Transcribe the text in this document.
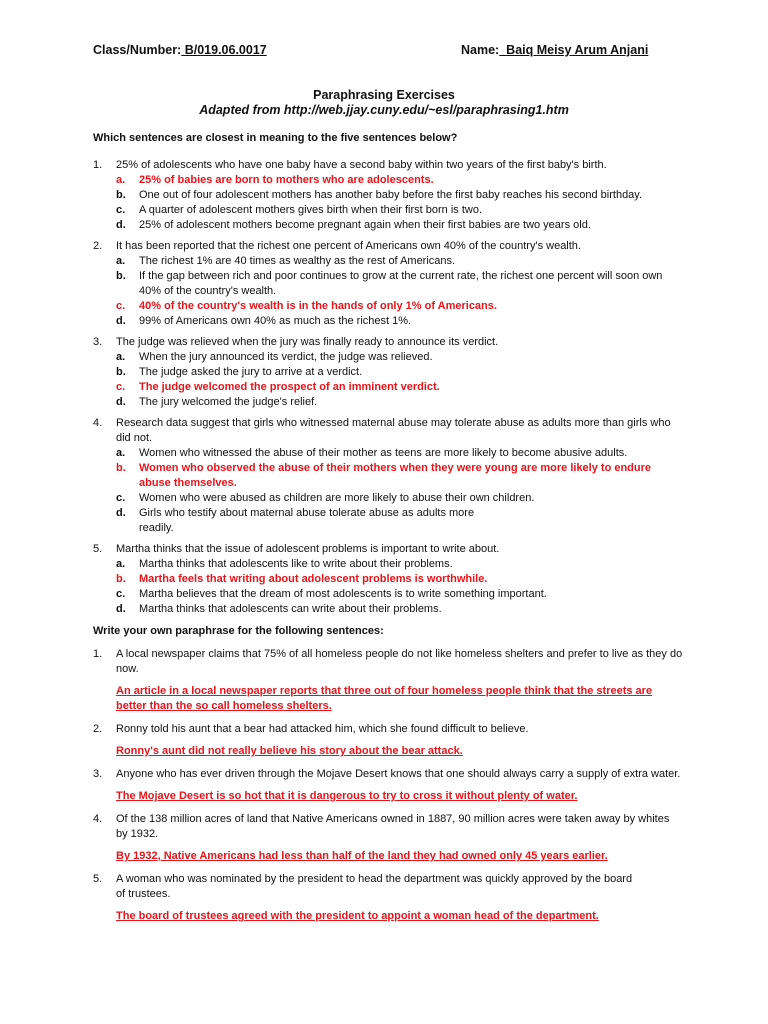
Class/Number: B/019.06.0017	Name:  Baiq Meisy Arum Anjani
Paraphrasing Exercises
Adapted from http://web.jjay.cuny.edu/~esl/paraphrasing1.htm
Which sentences are closest in meaning to the five sentences below?
1.	25% of adolescents who have one baby have a second baby within two years of the first baby's birth.
a.	25% of babies are born to mothers who are adolescents.
b.	One out of four adolescent mothers has another baby before the first baby reaches his second birthday.
c.	A quarter of adolescent mothers gives birth when their first born is two.
d.	25% of adolescent mothers become pregnant again when their first babies are two years old.
2.	It has been reported that the richest one percent of Americans own 40% of the country's wealth.
a.	The richest 1% are 40 times as wealthy as the rest of Americans.
b.	If the gap between rich and poor continues to grow at the current rate, the richest one percent will soon own 40% of the country's wealth.
c.	40% of the country's wealth is in the hands of only 1% of Americans.
d.	99% of Americans own 40% as much as the richest 1%.
3.	The judge was relieved when the jury was finally ready to announce its verdict.
a.	When the jury announced its verdict, the judge was relieved.
b.	The judge asked the jury to arrive at a verdict.
c.	The judge welcomed the prospect of an imminent verdict.
d.	The jury welcomed the judge's relief.
4.	Research data suggest that girls who witnessed maternal abuse may tolerate abuse as adults more than girls who did not.
a.	Women who witnessed the abuse of their mother as teens are more likely to become abusive adults.
b.	Women who observed the abuse of their mothers when they were young are more likely to endure abuse themselves.
c.	Women who were abused as children are more likely to abuse their own children.
d.	Girls who testify about maternal abuse tolerate abuse as adults more readily.
5.	Martha thinks that the issue of adolescent problems is important to write about.
a.	Martha thinks that adolescents like to write about their problems.
b.	Martha feels that writing about adolescent problems is worthwhile.
c.	Martha believes that the dream of most adolescents is to write something important.
d.	Martha thinks that adolescents can write about their problems.
Write your own paraphrase for the following sentences:
1.	A local newspaper claims that 75% of all homeless people do not like homeless shelters and prefer to live as they do now.
An article in a local newspaper reports that three out of four homeless people think that the streets are better than the so call homeless shelters.
2.	Ronny told his aunt that a bear had attacked him, which she found difficult to believe.
Ronny's aunt did not really believe his story about the bear attack.
3.	Anyone who has ever driven through the Mojave Desert knows that one should always carry a supply of extra water.
The Mojave Desert is so hot that it is dangerous to try to cross it without plenty of water.
4.	Of the 138 million acres of land that Native Americans owned in 1887, 90 million acres were taken away by whites by 1932.
By 1932, Native Americans had less than half of the land they had owned only 45 years earlier.
5.	A woman who was nominated by the president to head the department was quickly approved by the board of trustees.
The board of trustees agreed with the president to appoint a woman head of the department.
